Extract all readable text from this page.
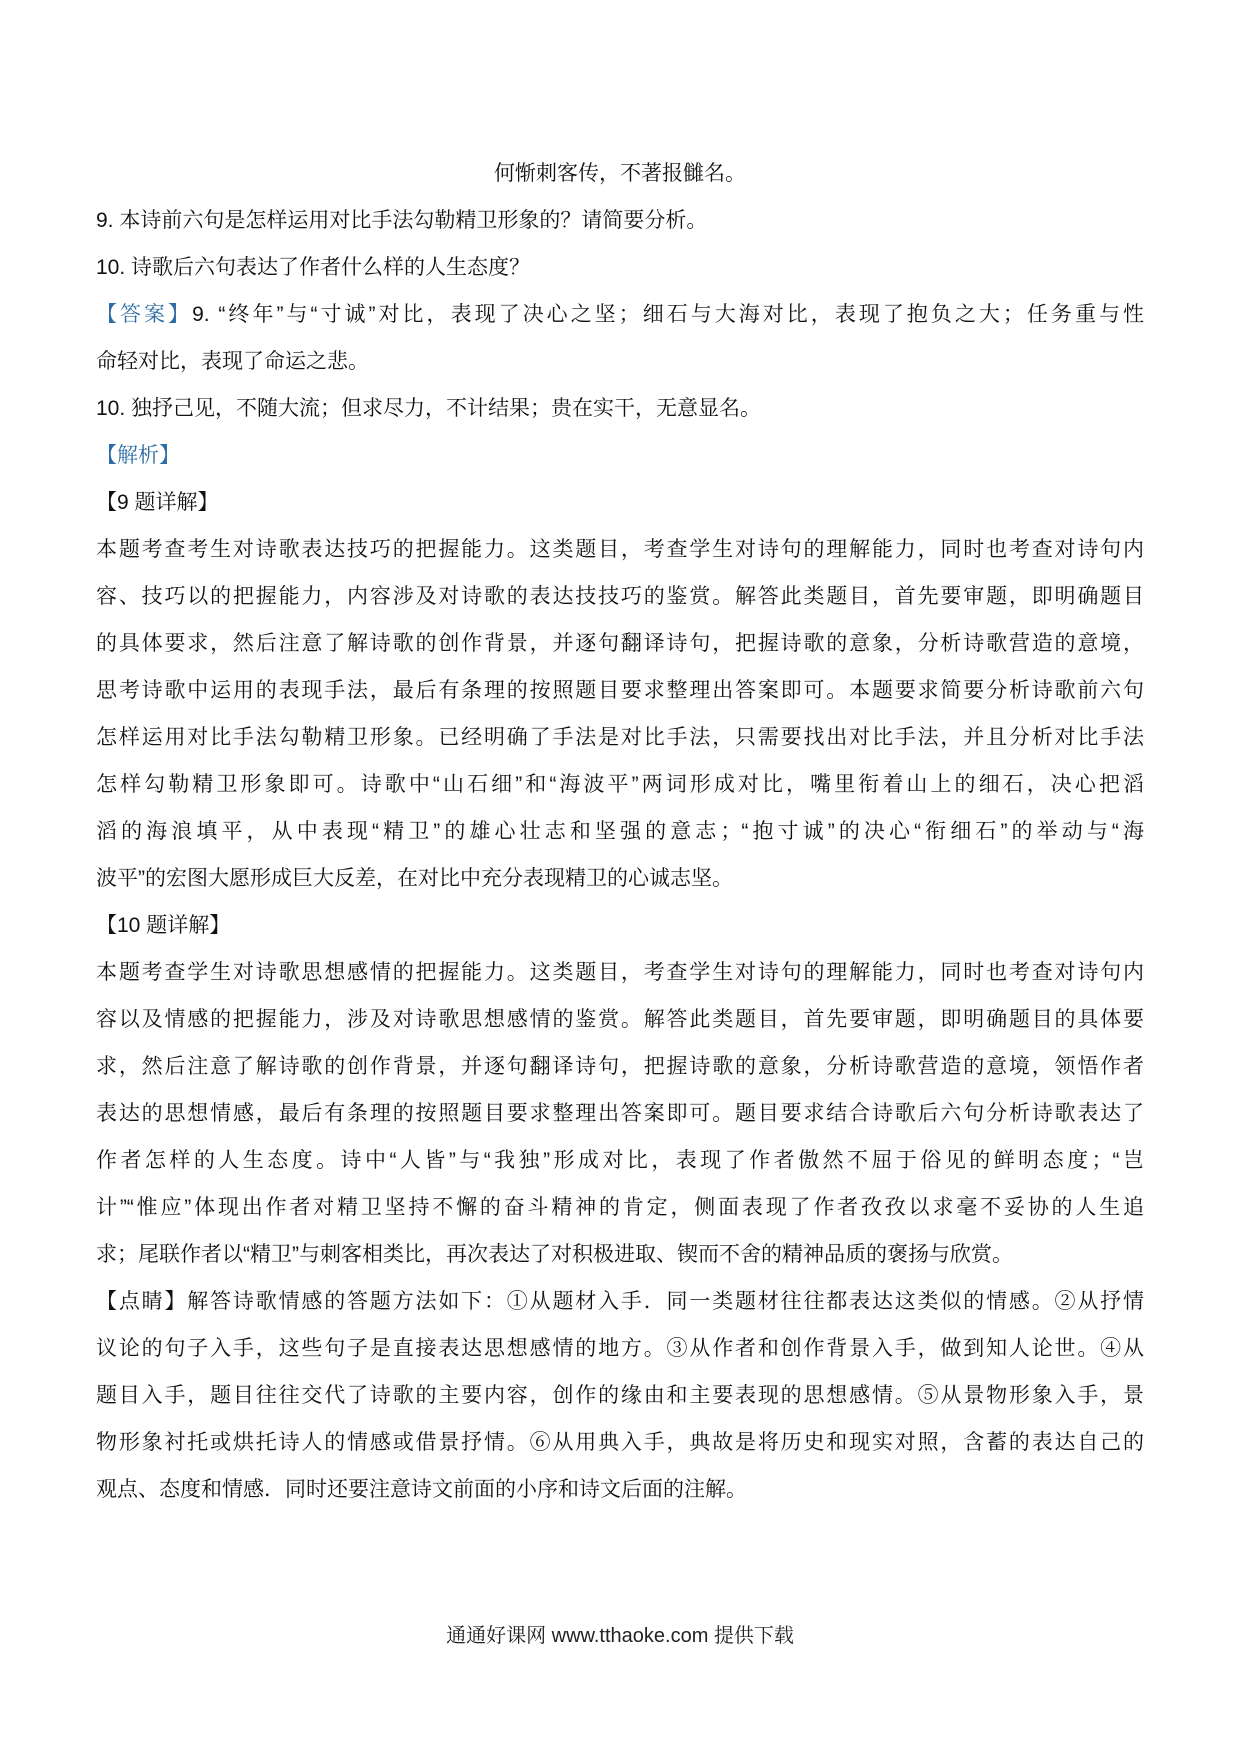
何惭刺客传，不著报雠名。
9. 本诗前六句是怎样运用对比手法勾勒精卫形象的？请简要分析。
10. 诗歌后六句表达了作者什么样的人生态度？
【答案】9. “终年”与“寸诚”对比，表现了决心之坚；细石与大海对比，表现了抱负之大；任务重与性
命轻对比，表现了命运之悲。
10. 独抒己见，不随大流；但求尽力，不计结果；贵在实干，无意显名。
【解析】
【9 题详解】
本题考查考生对诗歌表达技巧的把握能力。这类题目，考查学生对诗句的理解能力，同时也考查对诗句内
容、技巧以的把握能力，内容涉及对诗歌的表达技技巧的鉴赏。解答此类题目，首先要审题，即明确题目
的具体要求，然后注意了解诗歌的创作背景，并逐句翻译诗句，把握诗歌的意象，分析诗歌营造的意境，
思考诗歌中运用的表现手法，最后有条理的按照题目要求整理出答案即可。本题要求简要分析诗歌前六句
怎样运用对比手法勾勒精卫形象。已经明确了手法是对比手法，只需要找出对比手法，并且分析对比手法
怎样勾勒精卫形象即可。诗歌中“山石细”和“海波平”两词形成对比，嘴里衔着山上的细石，决心把滔
滔的海浪填平，从中表现“精卫”的雄心壮志和坚强的意志；“抱寸诚”的决心“衔细石”的举动与“海
波平”的宏图大愿形成巨大反差，在对比中充分表现精卫的心诚志坚。
【10 题详解】
本题考查学生对诗歌思想感情的把握能力。这类题目，考查学生对诗句的理解能力，同时也考查对诗句内
容以及情感的把握能力，涉及对诗歌思想感情的鉴赏。解答此类题目，首先要审题，即明确题目的具体要
求，然后注意了解诗歌的创作背景，并逐句翻译诗句，把握诗歌的意象，分析诗歌营造的意境，领悟作者
表达的思想情感，最后有条理的按照题目要求整理出答案即可。题目要求结合诗歌后六句分析诗歌表达了
作者怎样的人生态度。诗中“人皆”与“我独”形成对比，表现了作者傲然不屈于俗见的鲜明态度；“岂
计”“惟应”体现出作者对精卫坚持不懈的奋斗精神的肯定，侧面表现了作者孜孜以求毫不妥协的人生追
求；尾联作者以“精卫”与刺客相类比，再次表达了对积极进取、锲而不舍的精神品质的褒扬与欣赏。
【点睛】解答诗歌情感的答题方法如下：①从题材入手．同一类题材往往都表达这类似的情感。②从抒情
议论的句子入手，这些句子是直接表达思想感情的地方。③从作者和创作背景入手，做到知人论世。④从
题目入手，题目往往交代了诗歌的主要内容，创作的缘由和主要表现的思想感情。⑤从景物形象入手，景
物形象衬托或烘托诗人的情感或借景抒情。⑥从用典入手，典故是将历史和现实对照，含蓄的表达自己的
观点、态度和情感．同时还要注意诗文前面的小序和诗文后面的注解。
通通好课网 www.tthaoke.com 提供下载
